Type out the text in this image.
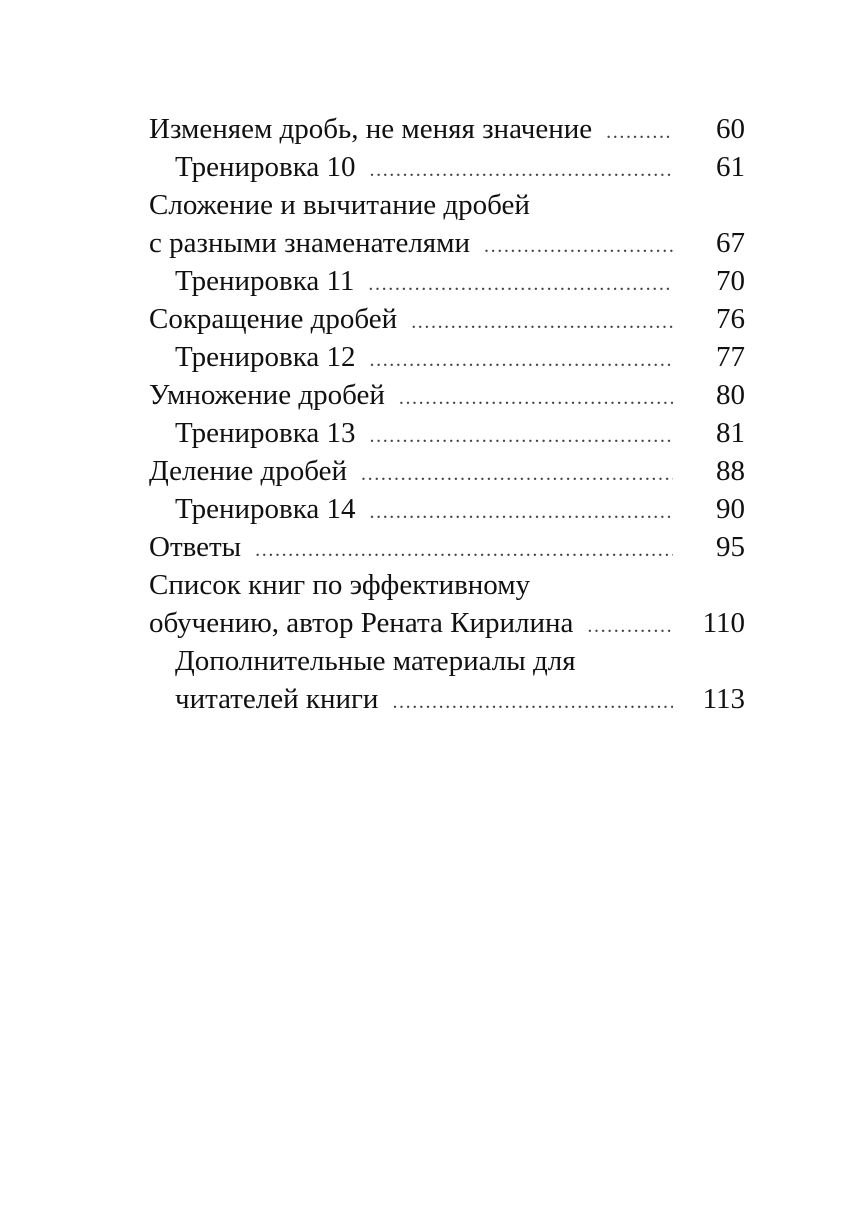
Изменяем дробь, не меняя значение .....	60
Тренировка 10 .....	61
Сложение и вычитание дробей
с разными знаменателями .....	67
Тренировка 11 .....	70
Сокращение дробей .....	76
Тренировка 12 .....	77
Умножение дробей .....	80
Тренировка 13 .....	81
Деление дробей .....	88
Тренировка 14 .....	90
Ответы .....	95
Список книг по эффективному
обучению, автор Рената Кирилина .....	110
Дополнительные материалы для
читателей книги .....	113
